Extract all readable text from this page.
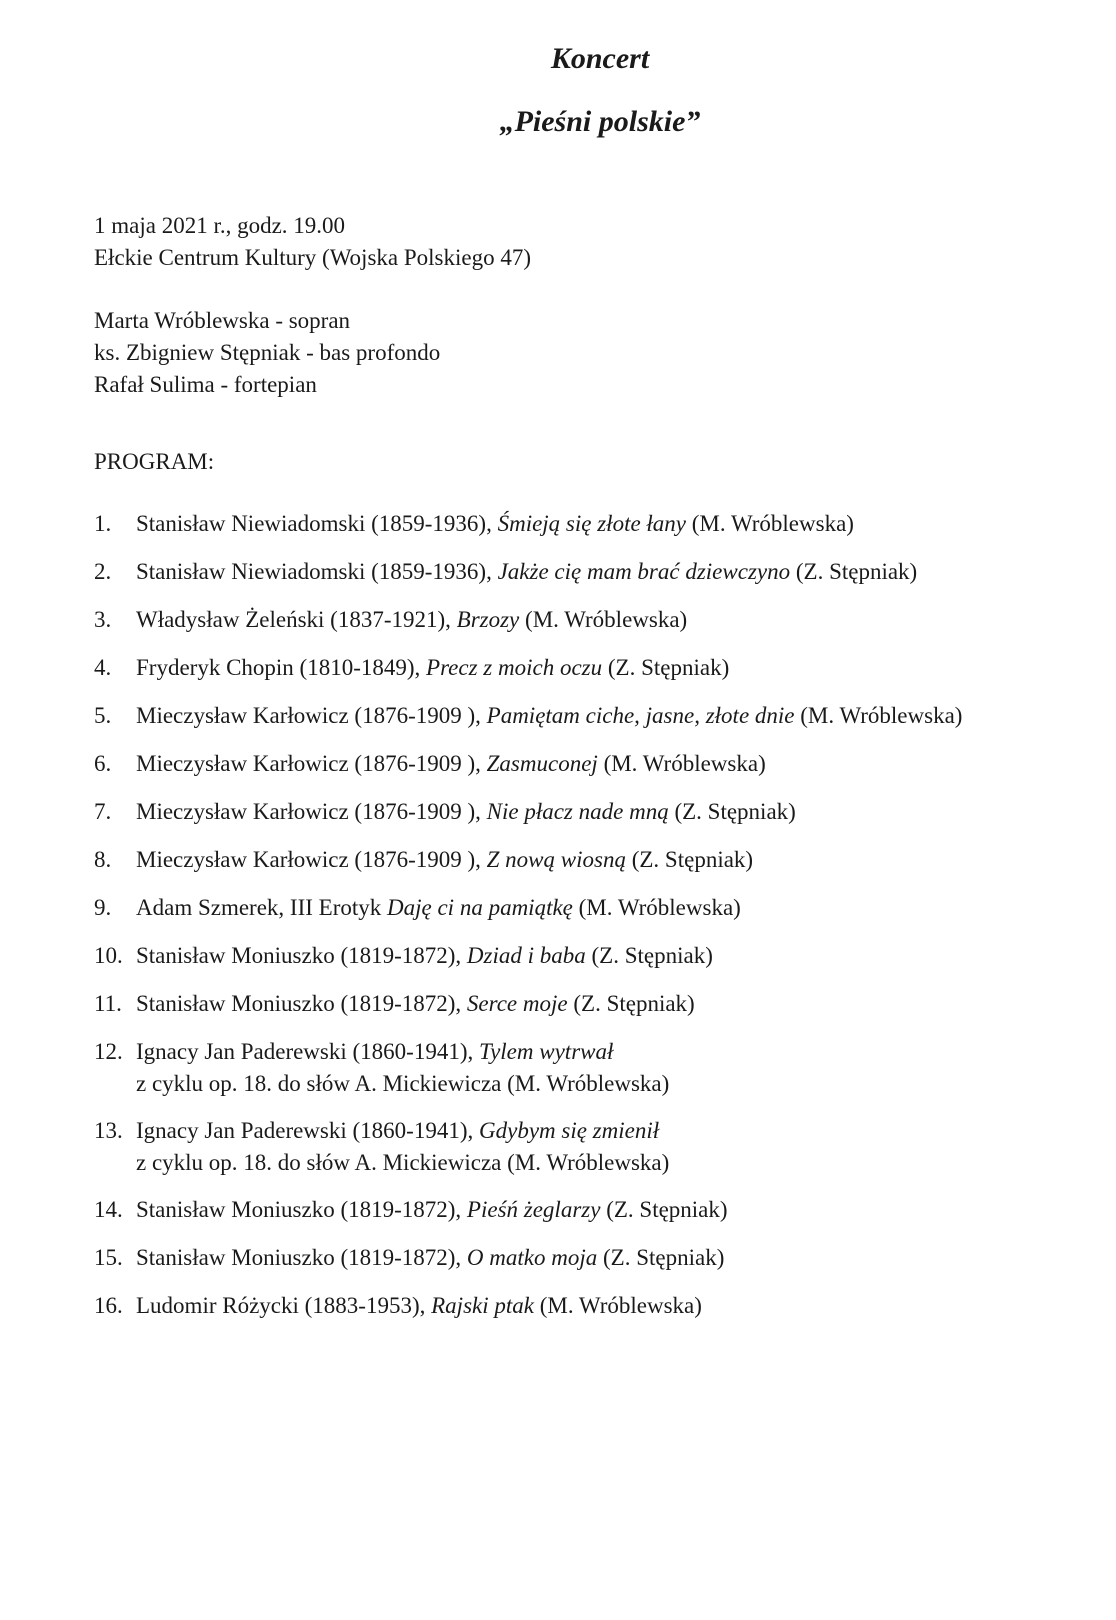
Koncert
„Pieśni polskie”
1 maja 2021 r., godz. 19.00
Ełckie Centrum Kultury (Wojska Polskiego 47)
Marta Wróblewska - sopran
ks. Zbigniew Stępniak - bas profondo
Rafał Sulima - fortepian
PROGRAM:
1. Stanisław Niewiadomski (1859-1936), Śmieją się złote łany (M. Wróblewska)
2. Stanisław Niewiadomski (1859-1936), Jakże cię mam brać dziewczyno (Z. Stępniak)
3. Władysław Żeleński (1837-1921), Brzozy (M. Wróblewska)
4. Fryderyk Chopin (1810-1849), Precz z moich oczu (Z. Stępniak)
5. Mieczysław Karłowicz (1876-1909 ), Pamiętam ciche, jasne, złote dnie (M. Wróblewska)
6. Mieczysław Karłowicz (1876-1909 ), Zasmuconej (M. Wróblewska)
7. Mieczysław Karłowicz (1876-1909 ), Nie płacz nade mną (Z. Stępniak)
8. Mieczysław Karłowicz (1876-1909 ), Z nową wiosną (Z. Stępniak)
9. Adam Szmerek, III Erotyk Daję ci na pamiątkę (M. Wróblewska)
10. Stanisław Moniuszko (1819-1872), Dziad i baba (Z. Stępniak)
11. Stanisław Moniuszko (1819-1872), Serce moje (Z. Stępniak)
12. Ignacy Jan Paderewski (1860-1941), Tylem wytrwał
z cyklu op. 18. do słów A. Mickiewicza (M. Wróblewska)
13. Ignacy Jan Paderewski (1860-1941), Gdybym się zmienił
z cyklu op. 18. do słów A. Mickiewicza (M. Wróblewska)
14. Stanisław Moniuszko (1819-1872), Pieśń żeglarzy (Z. Stępniak)
15. Stanisław Moniuszko (1819-1872), O matko moja (Z. Stępniak)
16. Ludomir Różycki (1883-1953), Rajski ptak (M. Wróblewska)
